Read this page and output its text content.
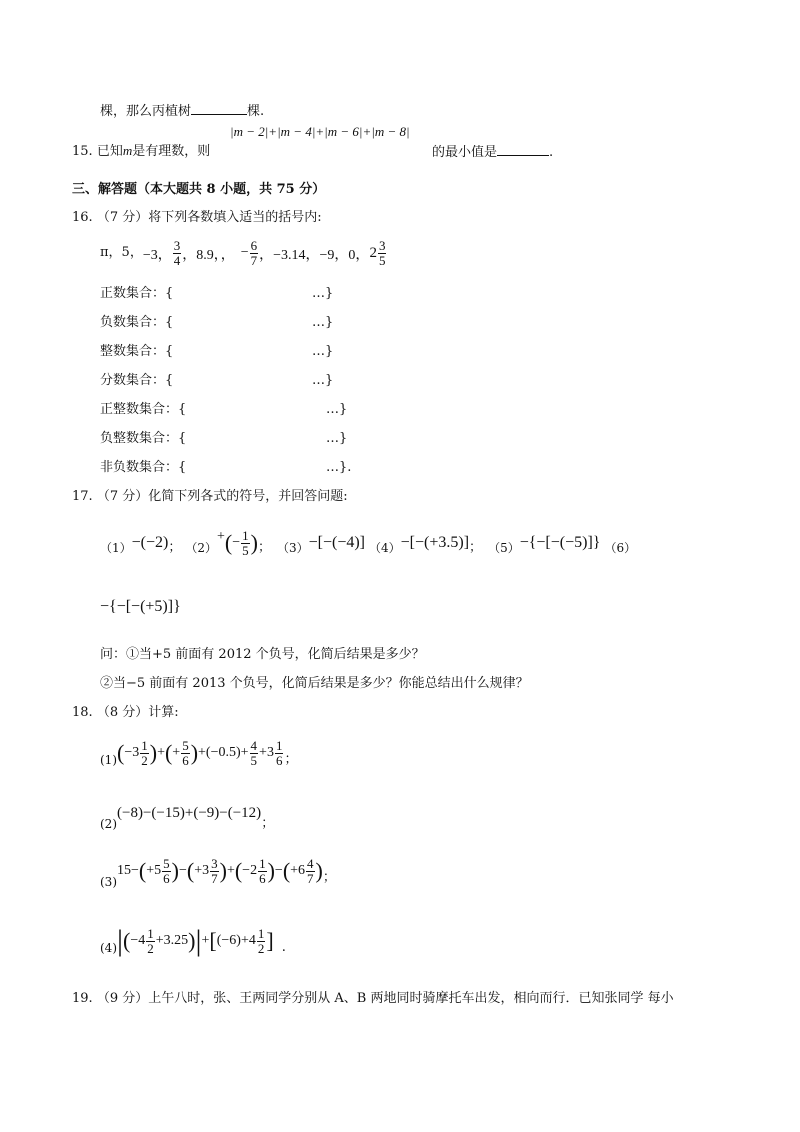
棵，那么丙植树	棵.
15. 已知m是有理数，则
|m − 2|+|m − 4|+|m − 6|+|m − 8|
的最小值是	.
三、解答题（本大题共 8 小题，共 75 分）
16. （7 分）将下列各数填入适当的括号内:
π，5， −3， $\frac{3}{4}$ ，8.9，， − $\frac{6}{7}$ ，−3.14，−9，0， $2 \frac{3}{5}$
正数集合：{	…}
负数集合：{	…}
整数集合：{	…}
分数集合：{	…}
正整数集合：{	…}
负整数集合：{	…}
非负数集合：{	…}.
17. （7 分）化简下列各式的符号，并回答问题:
（1） −(−2) ； （2）
+ ( − $\frac{1}{5}$ ) ； （3） −[−(−4)] （4） −[−(+3.5)] ； （5） −{−[−(−5)]} （6）
−{−[−(+5)]}
问：①当+5 前面有 2012 个负号，化简后结果是多少？
②当−5 前面有 2013 个负号，化简后结果是多少？你能总结出什么规律？
18. （8 分）计算:
(1) ( $-3 \frac{1}{2}$ ) + ( + $\frac{5}{6}$ ) $+(-0.5)+ \frac{4}{5} +3 \frac{1}{6}$ ；
(2)
(−8)−(−15)+(−9)−(−12)
；
(3)
15− ( $+5 \frac{5}{6}$ ) − ( $+3 \frac{3}{7}$ ) + ( $-2 \frac{1}{6}$ ) − ( $+6 \frac{4}{7}$ ) ；
(4) | ( $-4 \frac{1}{2} +3.25$ ) | + [ $(-6)+4 \frac{1}{2}$ ] .
19. （9 分）上午八时，张、王两同学分别从 A、B 两地同时骑摩托车出发，相向而行．已知张同学 每小
